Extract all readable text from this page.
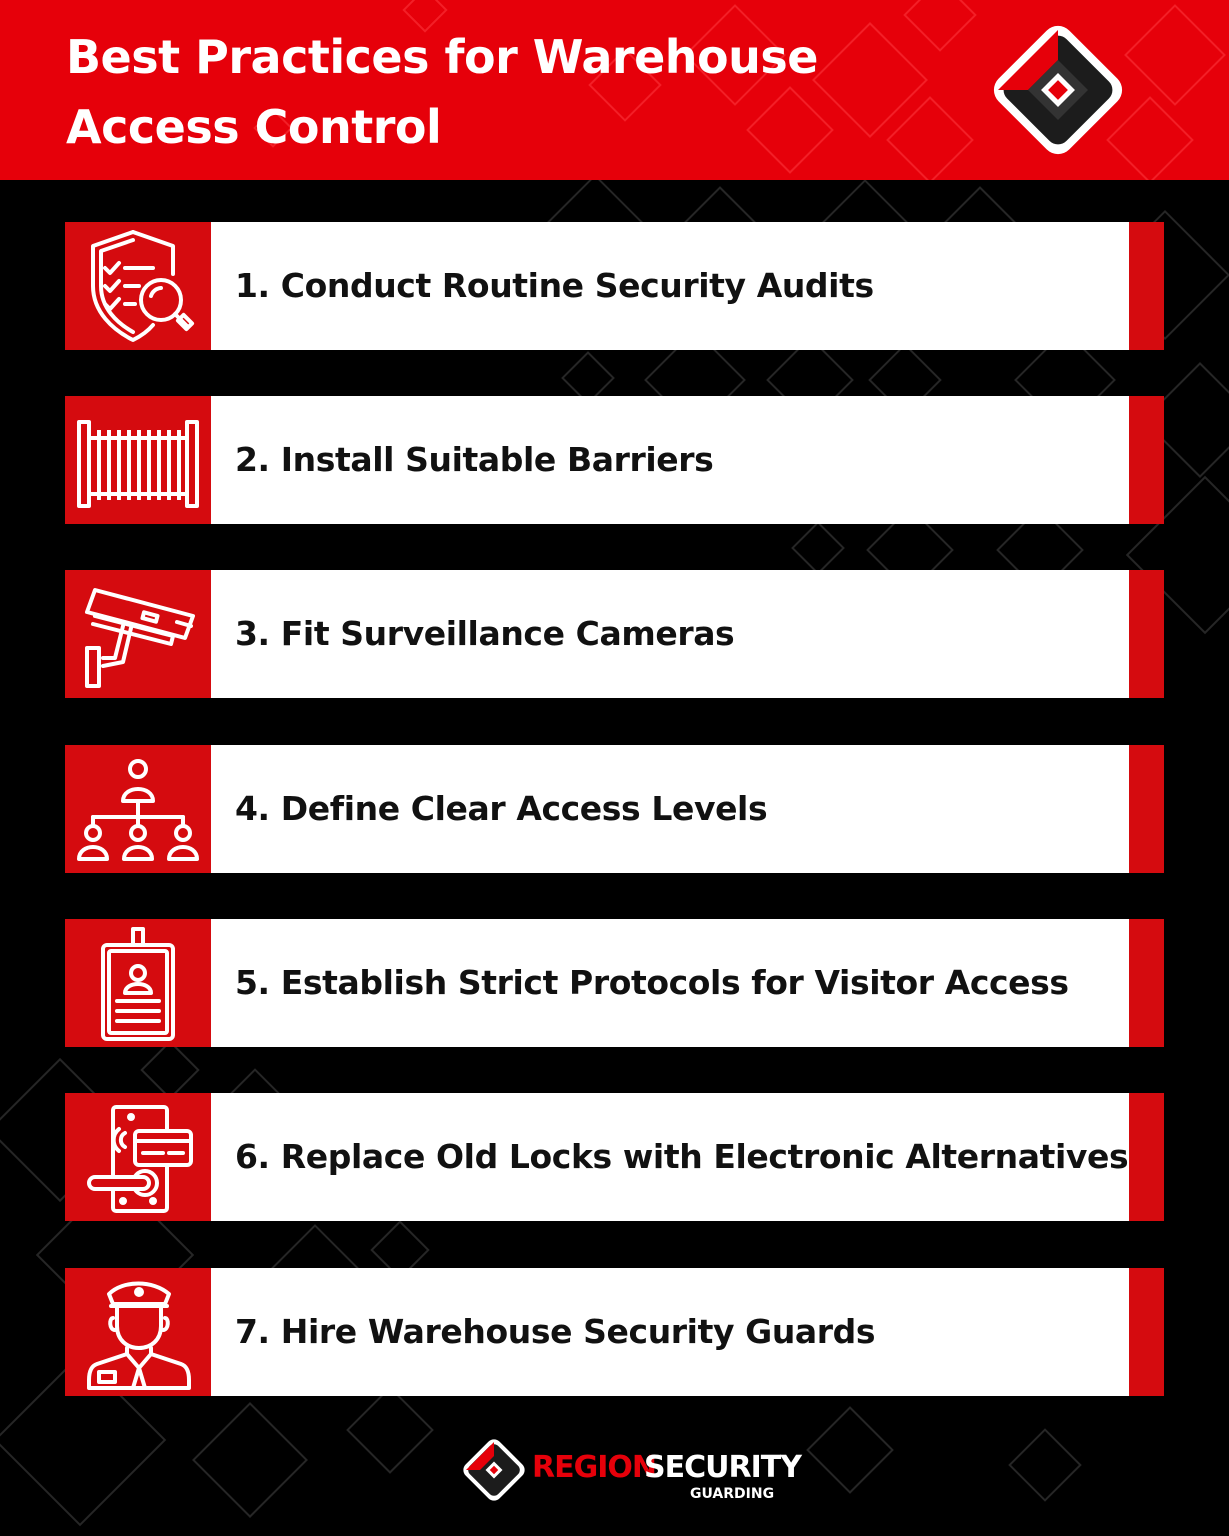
Best Practices for Warehouse Access Control
1. Conduct Routine Security Audits
2. Install Suitable Barriers
3. Fit Surveillance Cameras
4. Define Clear Access Levels
5. Establish Strict Protocols for Visitor Access
6. Replace Old Locks with Electronic Alternatives
7. Hire Warehouse Security Guards
REGION
SECURITY
GUARDING
